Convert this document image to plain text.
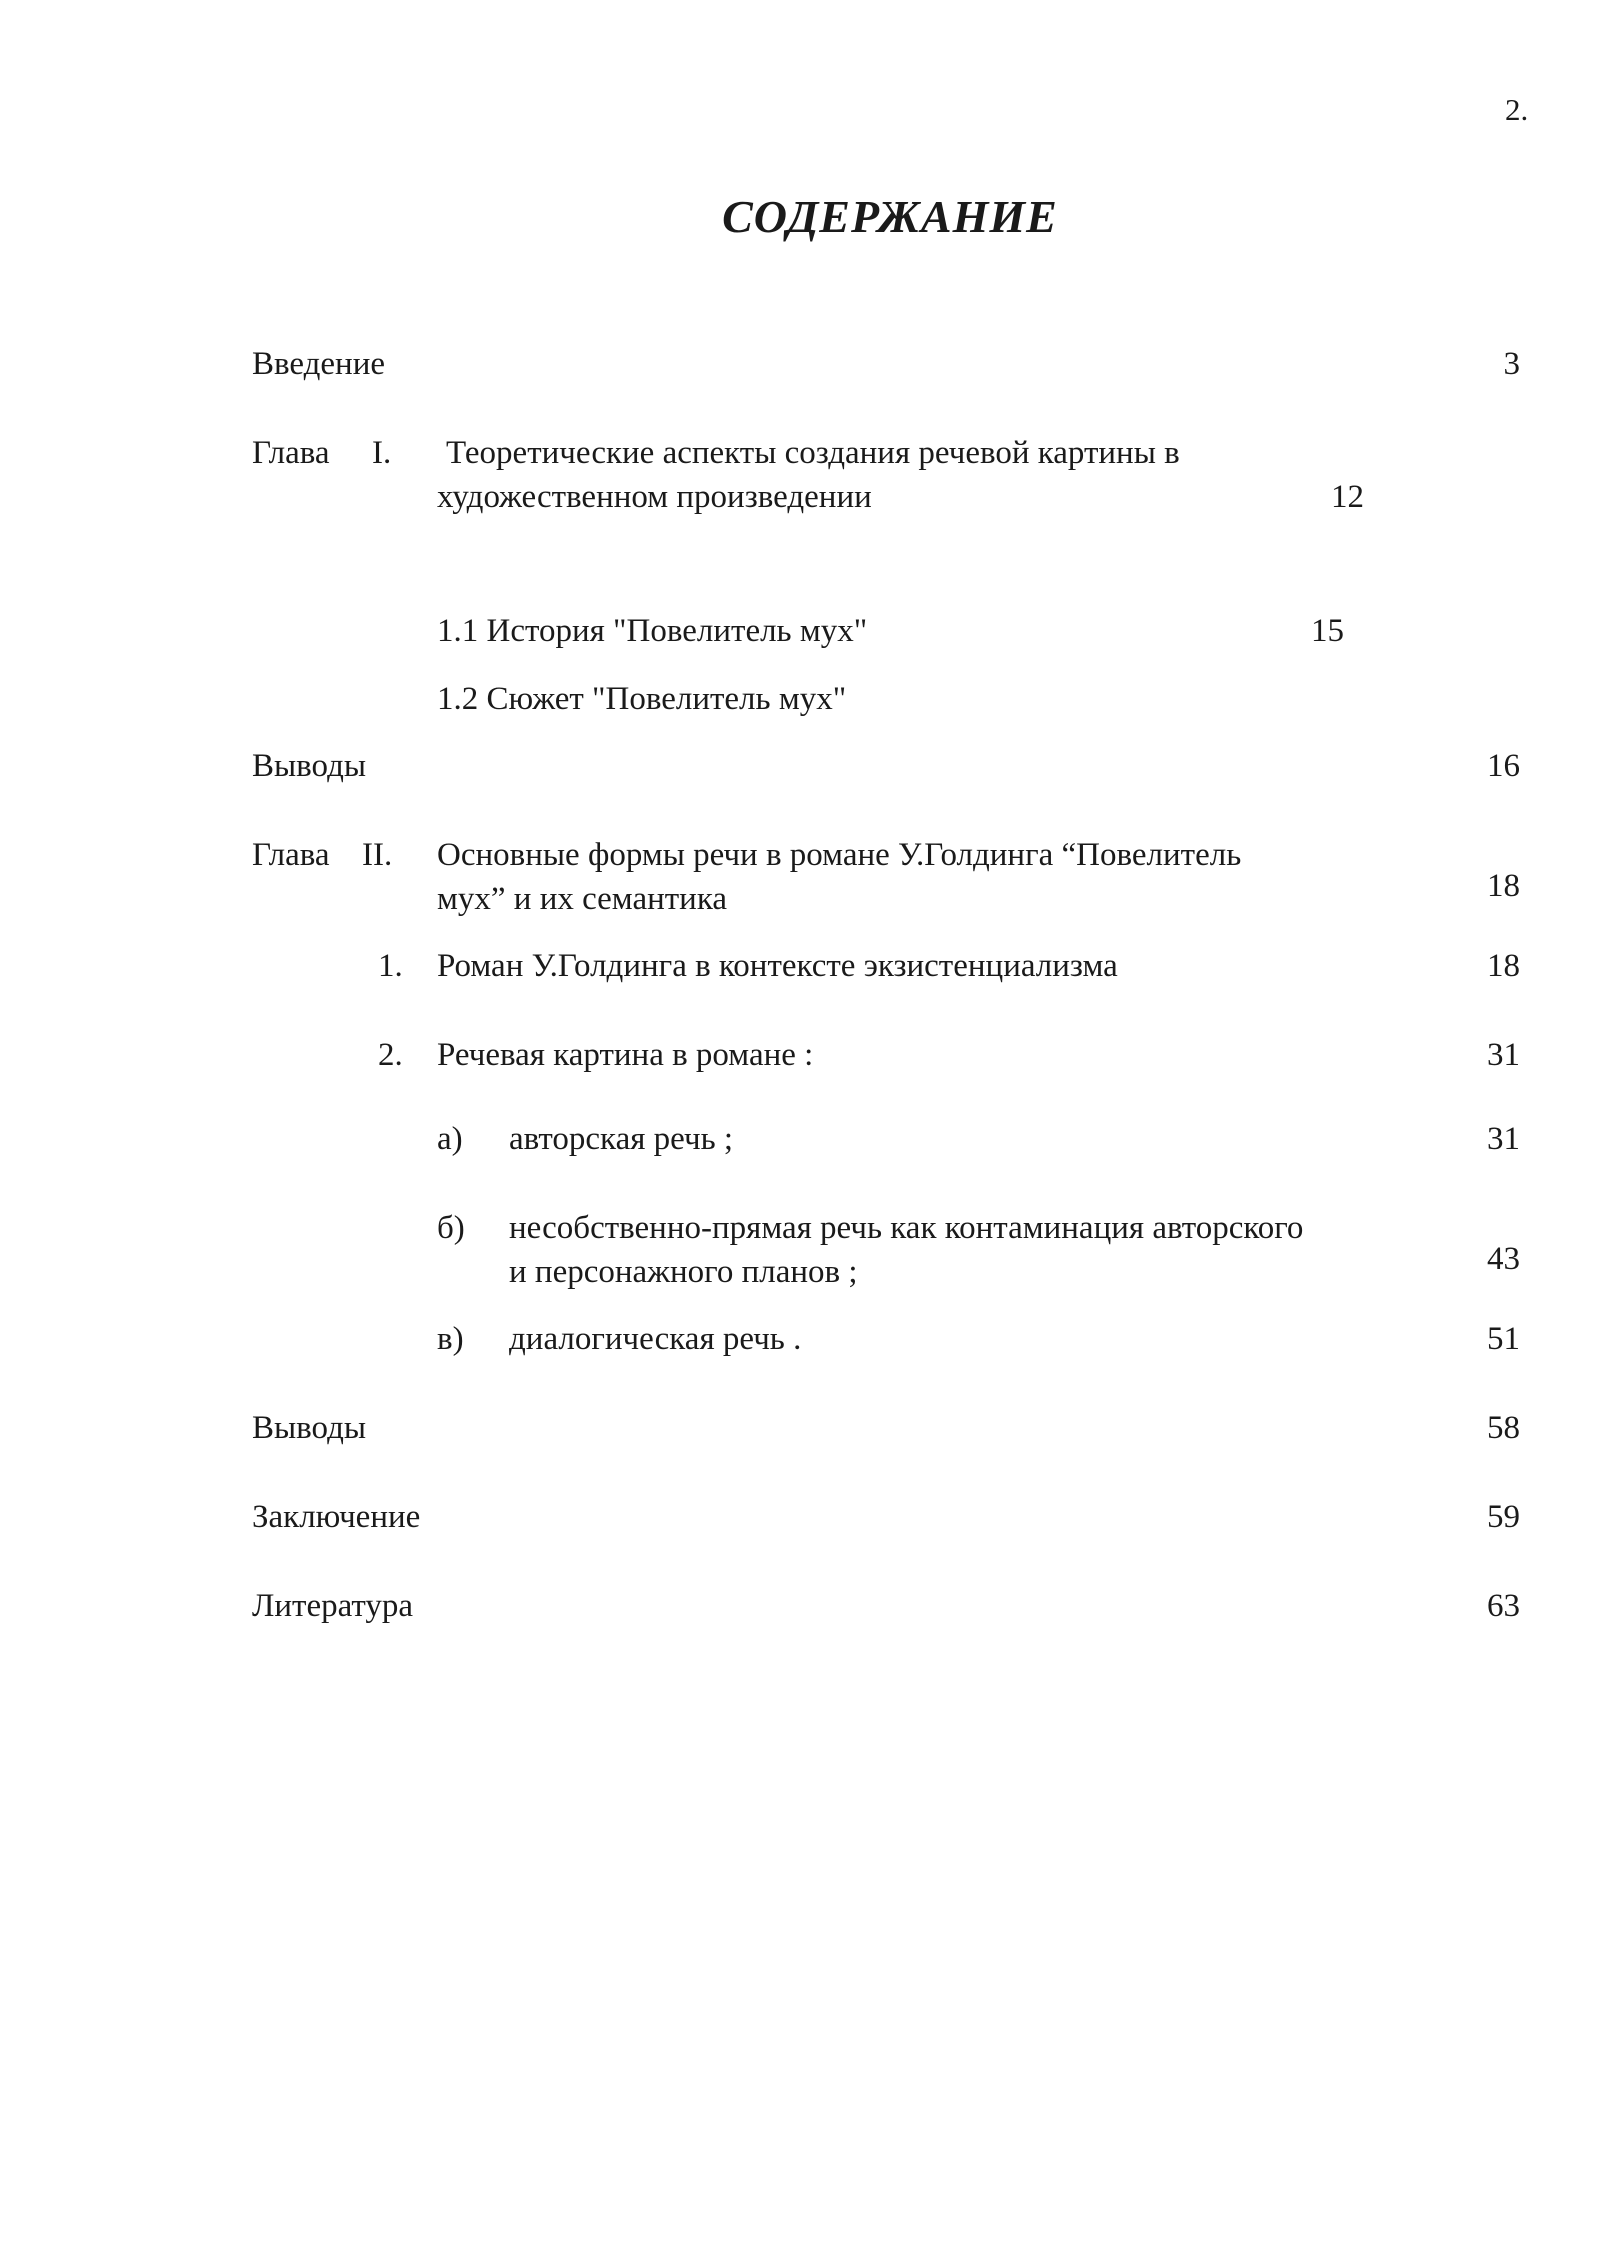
2.
СОДЕРЖАНИЕ
Введение	3
Глава I. Теоретические аспекты создания речевой картины в
художественном произведении	12
1.1 История "Повелитель мух"	15
1.2 Сюжет "Повелитель мух"
Выводы	16
Глава II. Основные формы речи в романе У.Голдинга “Повелитель
мух” и их семантика	18
1. Роман У.Голдинга в контексте экзистенциализма	18
2. Речевая картина в романе :	31
а) авторская речь ;	31
б) несобственно-прямая речь как контаминация авторского
и персонажного планов ;	43
в) диалогическая речь .	51
Выводы	58
Заключение	59
Литература	63
